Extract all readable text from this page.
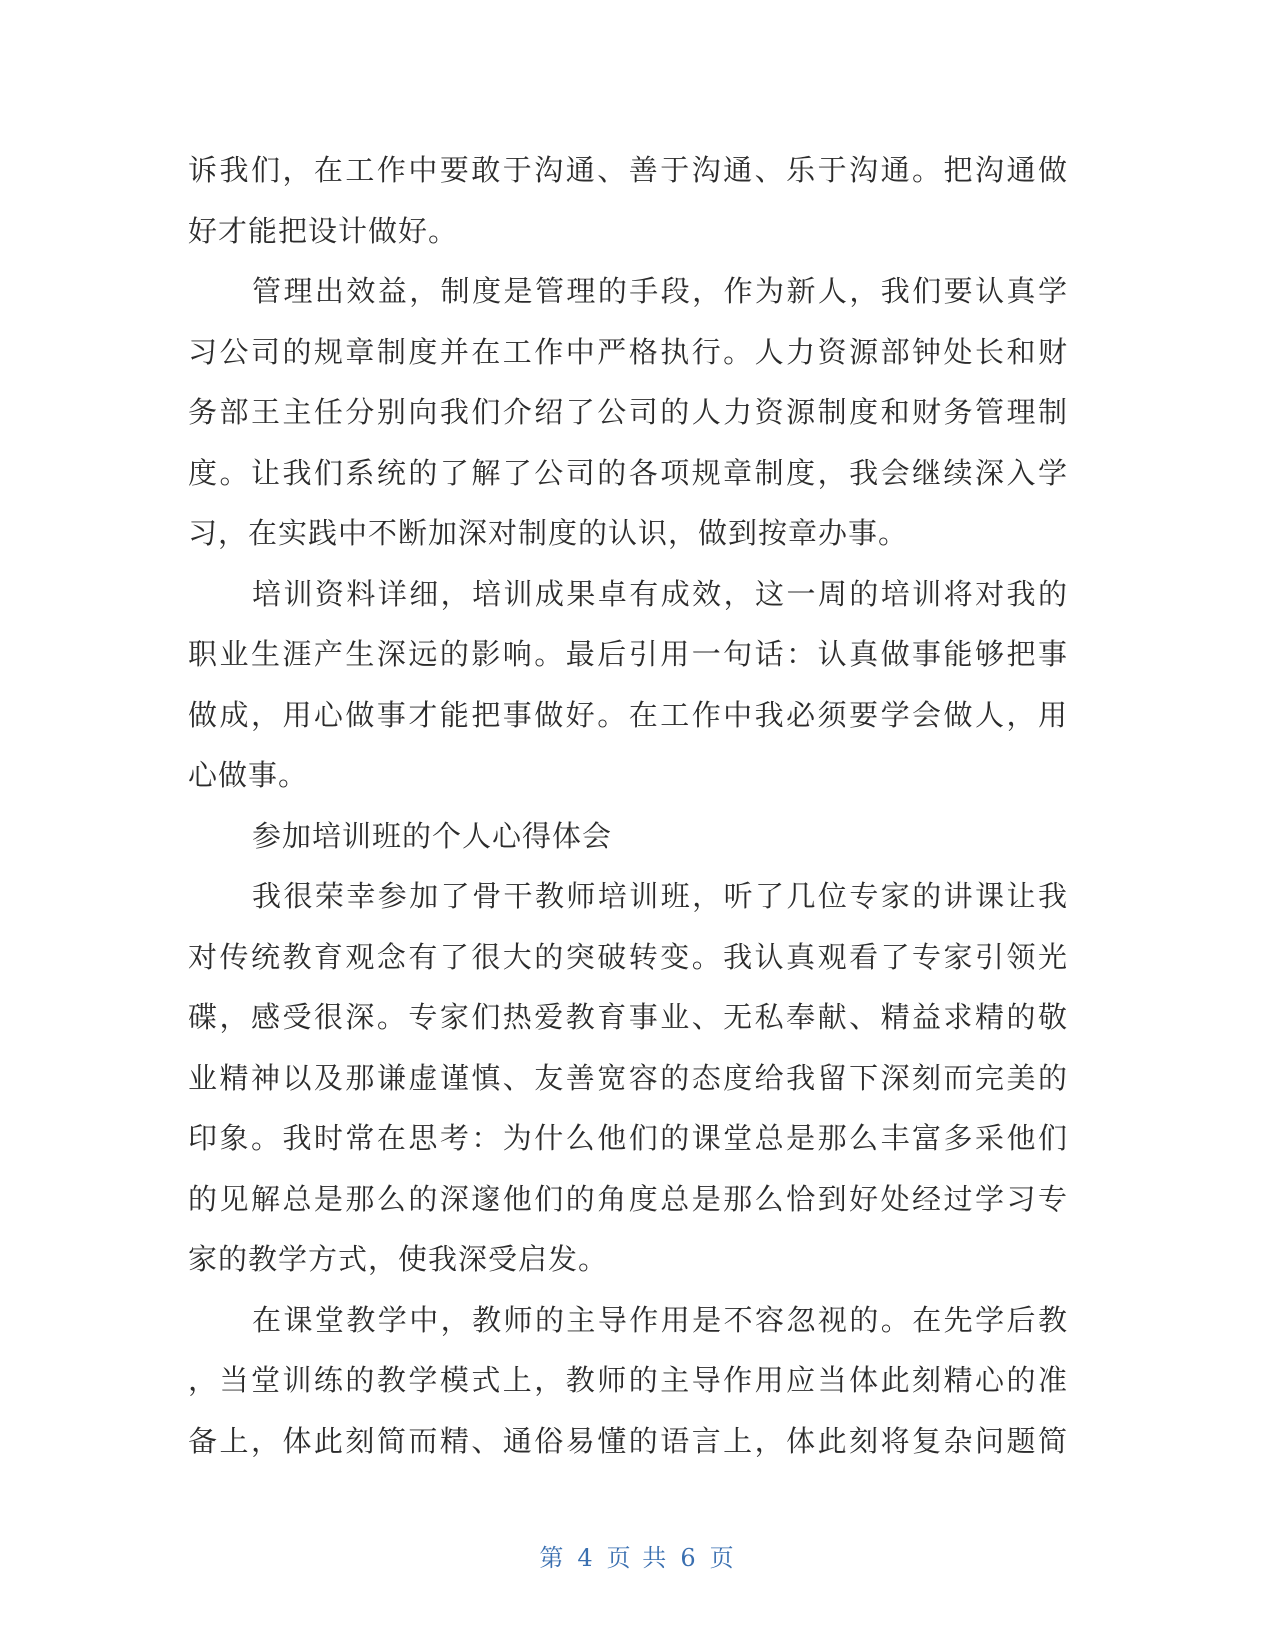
诉我们，在工作中要敢于沟通、善于沟通、乐于沟通。把沟通做
好才能把设计做好。
管理出效益，制度是管理的手段，作为新人，我们要认真学
习公司的规章制度并在工作中严格执行。人力资源部钟处长和财
务部王主任分别向我们介绍了公司的人力资源制度和财务管理制
度。让我们系统的了解了公司的各项规章制度，我会继续深入学
习，在实践中不断加深对制度的认识，做到按章办事。
培训资料详细，培训成果卓有成效，这一周的培训将对我的
职业生涯产生深远的影响。最后引用一句话：认真做事能够把事
做成，用心做事才能把事做好。在工作中我必须要学会做人，用
心做事。
参加培训班的个人心得体会
我很荣幸参加了骨干教师培训班，听了几位专家的讲课让我
对传统教育观念有了很大的突破转变。我认真观看了专家引领光
碟，感受很深。专家们热爱教育事业、无私奉献、精益求精的敬
业精神以及那谦虚谨慎、友善宽容的态度给我留下深刻而完美的
印象。我时常在思考：为什么他们的课堂总是那么丰富多采他们
的见解总是那么的深邃他们的角度总是那么恰到好处经过学习专
家的教学方式，使我深受启发。
在课堂教学中，教师的主导作用是不容忽视的。在先学后教
，当堂训练的教学模式上，教师的主导作用应当体此刻精心的准
备上，体此刻简而精、通俗易懂的语言上，体此刻将复杂问题简
第 4 页 共 6 页
